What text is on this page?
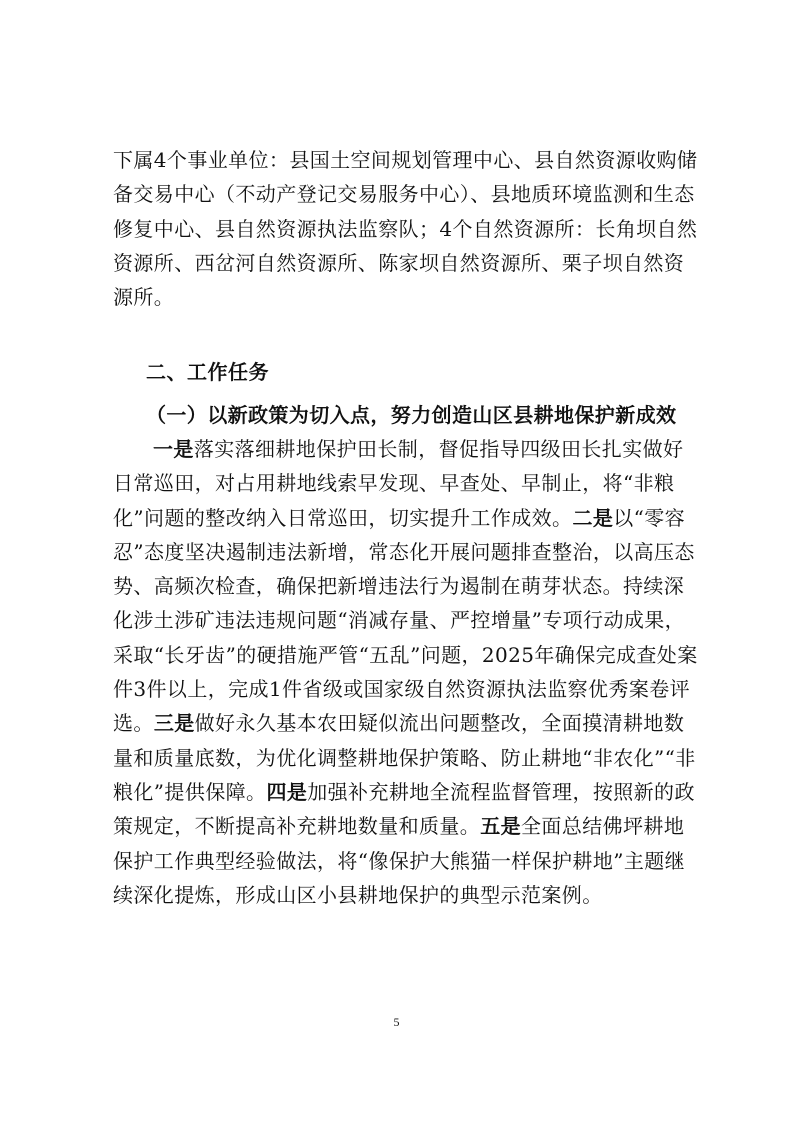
下属4个事业单位：县国土空间规划管理中心、县自然资源收购储备交易中心（不动产登记交易服务中心）、县地质环境监测和生态修复中心、县自然资源执法监察队；4个自然资源所：长角坝自然资源所、西岔河自然资源所、陈家坝自然资源所、栗子坝自然资源所。

二、工作任务
（一）以新政策为切入点，努力创造山区县耕地保护新成效

一是落实落细耕地保护田长制，督促指导四级田长扎实做好日常巡田，对占用耕地线索早发现、早查处、早制止，将“非粮化”问题的整改纳入日常巡田，切实提升工作成效。二是以“零容忍”态度坚决遏制违法新增，常态化开展问题排查整治，以高压态势、高频次检查，确保把新增违法行为遏制在萌芽状态。持续深化涉土涉矿违法违规问题“消减存量、严控增量”专项行动成果，采取“长牙齿”的硬措施严管“五乱”问题，2025年确保完成查处案件3件以上，完成1件省级或国家级自然资源执法监察优秀案卷评选。三是做好永久基本农田疑似流出问题整改，全面摸清耕地数量和质量底数，为优化调整耕地保护策略、防止耕地“非农化”“非粮化”提供保障。四是加强补充耕地全流程监督管理，按照新的政策规定，不断提高补充耕地数量和质量。五是全面总结佛坪耕地保护工作典型经验做法，将“像保护大熊猫一样保护耕地”主题继续深化提炼，形成山区小县耕地保护的典型示范案例。

5
